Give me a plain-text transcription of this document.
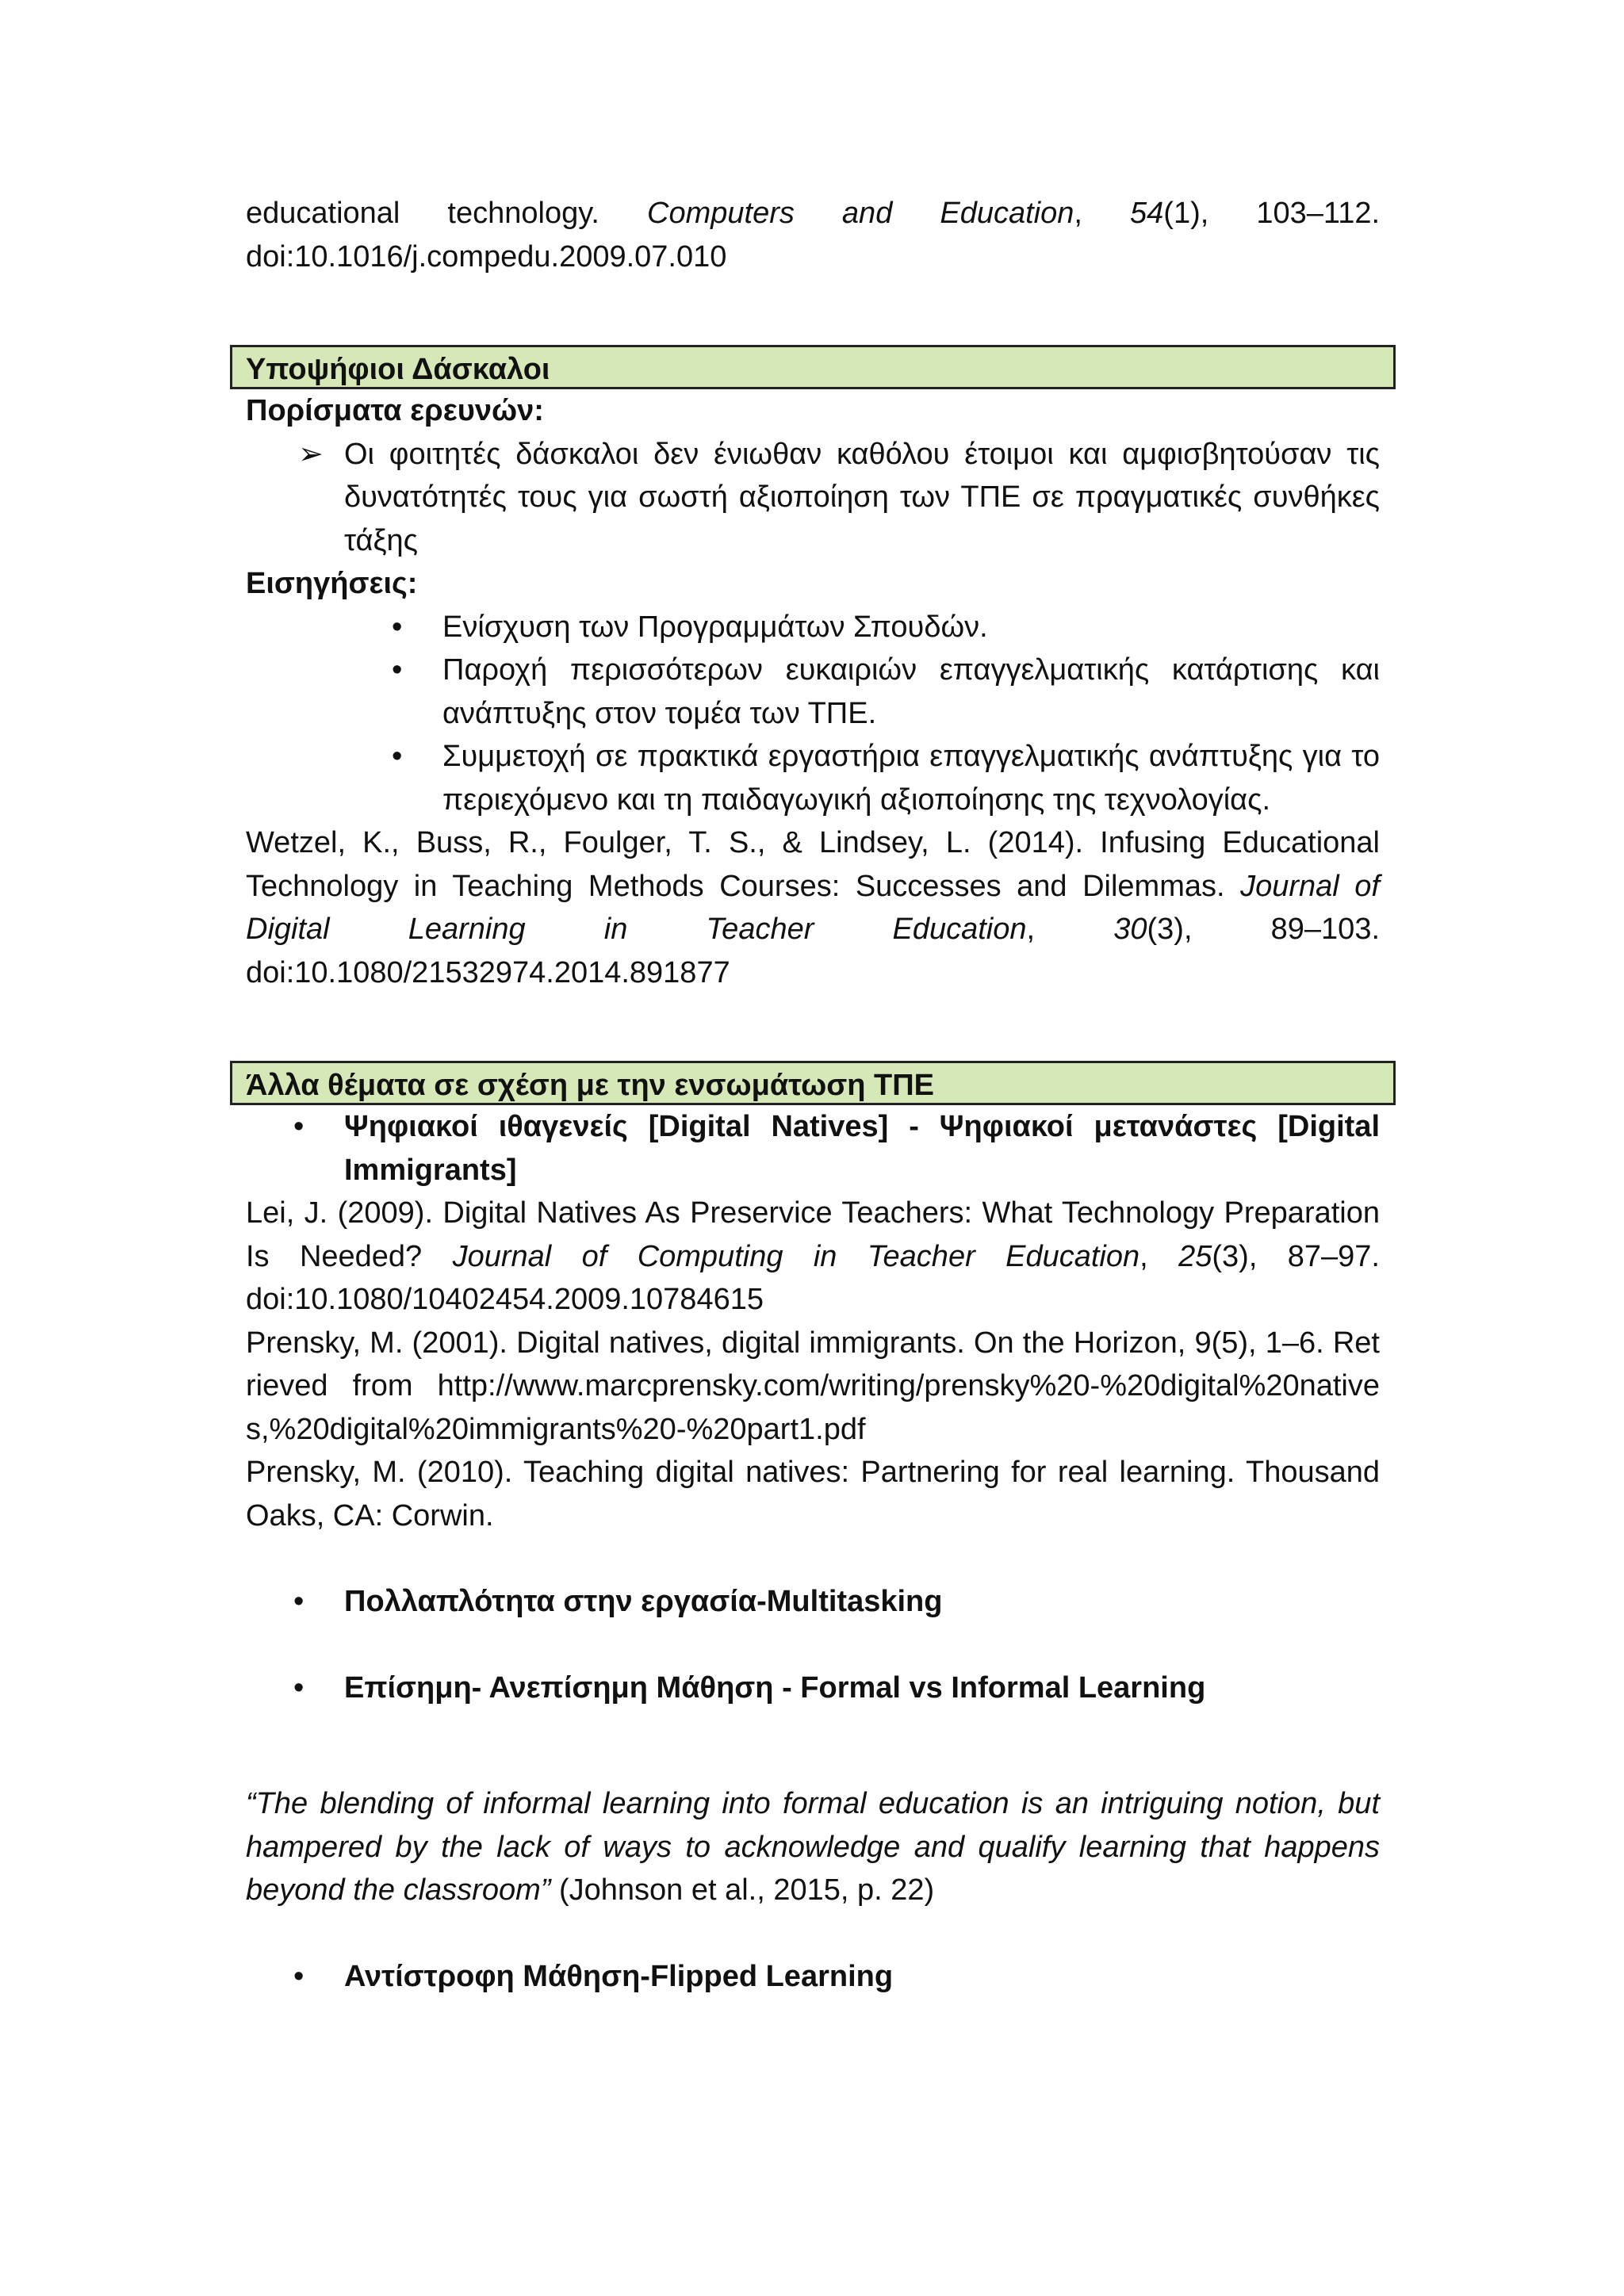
educational technology. Computers and Education, 54(1), 103–112.

doi:10.1016/j.compedu.2009.07.010

Υποψήφιοι Δάσκαλοι

Πορίσματα ερευνών:

➢ Οι φοιτητές δάσκαλοι δεν ένιωθαν καθόλου έτοιμοι και αμφισβητούσαν τις δυνατότητές τους για σωστή αξιοποίηση των ΤΠΕ σε πραγματικές συνθήκες τάξης

Εισηγήσεις:

• Ενίσχυση των Προγραμμάτων Σπουδών.
• Παροχή περισσότερων ευκαιριών επαγγελματικής κατάρτισης και ανάπτυξης στον τομέα των ΤΠΕ.
• Συμμετοχή σε πρακτικά εργαστήρια επαγγελματικής ανάπτυξης για το περιεχόμενο και τη παιδαγωγική αξιοποίησης της τεχνολογίας.

Wetzel, K., Buss, R., Foulger, T. S., & Lindsey, L. (2014). Infusing Educational Technology in Teaching Methods Courses: Successes and Dilemmas. Journal of Digital Learning in Teacher Education, 30(3), 89–103. doi:10.1080/21532974.2014.891877

Άλλα θέματα σε σχέση με την ενσωμάτωση ΤΠΕ
• Ψηφιακοί ιθαγενείς [Digital Natives] - Ψηφιακοί μετανάστες [Digital Immigrants]

Lei, J. (2009). Digital Natives As Preservice Teachers: What Technology Preparation Is Needed? Journal of Computing in Teacher Education, 25(3), 87–97. doi:10.1080/10402454.2009.10784615

Prensky, M. (2001). Digital natives, digital immigrants. On the Horizon, 9(5), 1–6. Retrieved from http://www.marcprensky.com/writing/prensky%20-%20digital%20natives,%20digital%20immigrants%20-%20part1.pdf

Prensky, M. (2010). Teaching digital natives: Partnering for real learning. Thousand Oaks, CA: Corwin.

• Πολλαπλότητα στην εργασία-Multitasking
• Επίσημη- Ανεπίσημη Μάθηση - Formal vs Informal Learning

“The blending of informal learning into formal education is an intriguing notion, but hampered by the lack of ways to acknowledge and qualify learning that happens beyond the classroom” (Johnson et al., 2015, p. 22)

• Αντίστροφη Μάθηση-Flipped Learning
